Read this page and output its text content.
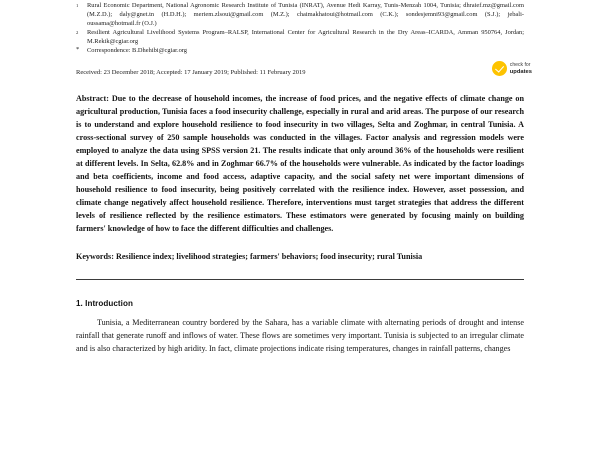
1	Rural Economic Department, National Agronomic Research Institute of Tunisia (INRAT), Avenue Hedi Karray, Tunis-Menzah 1004, Tunisia; dhraief.mz@gmail.com (M.Z.D.); daly@gnet.tn (H.D.H.); meriem.zlsoui@gmail.com (M.Z.); chaimakhatoui@hotmail.com (C.K.); sondesjemni93@gmail.com (S.J.); jebali-oussama@hotmail.fr (O.J.)
2	Resilient Agricultural Livelihood Systems Program–RALSP, International Center for Agricultural Research in the Dry Areas–ICARDA, Amman 950764, Jordan; M.Rekik@cgiar.org
*	Correspondence: B.Dhehibi@cgiar.org
Received: 23 December 2018; Accepted: 17 January 2019; Published: 11 February 2019
check for
updates
Abstract: Due to the decrease of household incomes, the increase of food prices, and the negative effects of climate change on agricultural production, Tunisia faces a food insecurity challenge, especially in rural and arid areas. The purpose of our research is to understand and explore household resilience to food insecurity in two villages, Selta and Zoghmar, in central Tunisia. A cross-sectional survey of 250 sample households was conducted in the villages. Factor analysis and regression models were employed to analyze the data using SPSS version 21. The results indicate that only around 36% of the households were resilient at different levels. In Selta, 62.8% and in Zoghmar 66.7% of the households were vulnerable. As indicated by the factor loadings and beta coefficients, income and food access, adaptive capacity, and the social safety net were important dimensions of household resilience to food insecurity, being positively correlated with the resilience index. However, asset possession, and climate change negatively affect household resilience. Therefore, interventions must target strategies that address the different levels of resilience reflected by the resilience estimators. These estimators were generated by focusing mainly on building farmers' knowledge of how to face the different difficulties and challenges.
Keywords: Resilience index; livelihood strategies; farmers' behaviors; food insecurity; rural Tunisia
1. Introduction
Tunisia, a Mediterranean country bordered by the Sahara, has a variable climate with alternating periods of drought and intense rainfall that generate runoff and inflows of water. These flows are sometimes very important. Tunisia is subjected to an irregular climate and is also characterized by high aridity. In fact, climate projections indicate rising temperatures, changes in rainfall patterns, changes
